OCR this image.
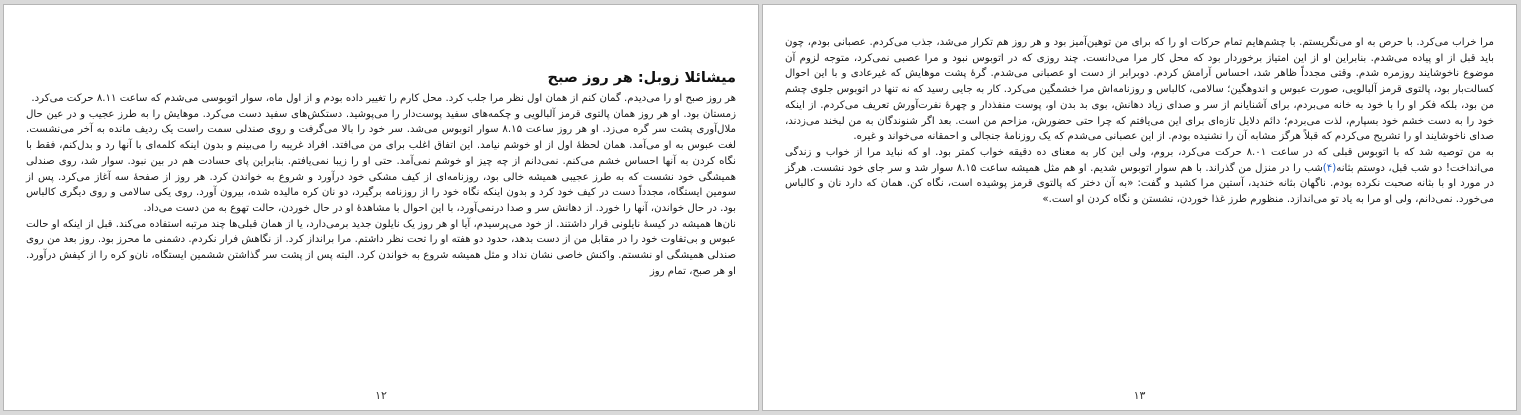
میشائلا زوبل: هر روز صبح

هر روز صبح او را می‌دیدم. گمان کنم از همان اول نظر مرا جلب کرد. محل کارم را تغییر داده بودم و از اول ماه، سوار اتوبوسی می‌شدم که ساعت ۸.۱۱ حرکت می‌کرد.

زمستان بود. او هر روز همان پالتوی قرمز آلبالویی و چکمه‌های سفید پوست‌دار را می‌پوشید. دستکش‌های سفید دست می‌کرد. موهایش را به طرز عجیب و در عین حال ملال‌آوری پشت سر گره می‌زد. او هر روز ساعت ۸.۱۵ سوار اتوبوس می‌شد. سر خود را بالا می‌گرفت و روی صندلی سمت راست یک ردیف مانده به آخر می‌نشست. لغت عبوس به او می‌آمد. همان لحظهٔ اول از او خوشم نیامد. این اتفاق اغلب برای من می‌افتد. افراد غریبه را می‌بینم و بدون اینکه کلمه‌ای با آنها رد و بدل‌کنم، فقط با نگاه کردن به آنها احساس خشم می‌کنم. نمی‌دانم از چه چیز او خوشم نمی‌آمد. حتی او را زیبا نمی‌یافتم. بنابراین پای حسادت هم در بین نبود. سوار شد، روی صندلی همیشگی خود نشست که به طرز عجیبی همیشه خالی بود، روزنامه‌ای از کیف مشکی خود درآورد و شروع به خواندن کرد. هر روز از صفحهٔ سه آغاز می‌کرد. پس از سومین ایستگاه، مجدداً دست در کیف خود کرد و بدون اینکه نگاه خود را از روزنامه برگیرد، دو نان کره مالیده شده، بیرون آورد. روی یکی سالامی و روی دیگری کالباس بود. در حال خواندن، آنها را خورد. از دهانش سر و صدا درنمی‌آورد، با این احوال با مشاهدهٔ او در حال خوردن، حالت تهوع به من دست می‌داد.

نان‌ها همیشه در کیسهٔ نایلونی قرار داشتند. از خود می‌پرسیدم، آیا او هر روز یک نایلون جدید برمی‌دارد، یا از همان قبلی‌ها چند مرتبه استفاده می‌کند. قبل از اینکه او حالت عبوس و بی‌تفاوت خود را در مقابل من از دست بدهد، حدود دو هفته او را تحت نظر داشتم. مرا برانداز کرد. از نگاهش فرار نکردم. دشمنی ما محرز بود. روز بعد من روی صندلی همیشگی او نشستم. واکنش خاصی نشان نداد و مثل همیشه شروع به خواندن کرد. البته پس از پشت سر گذاشتن ششمین ایستگاه، نان‌و کره را از کیفش درآورد. او هر صبح، تمام روز

۱۲

مرا خراب می‌کرد. با حرص به او می‌نگریستم. با چشم‌هایم تمام حرکات او را که برای من توهین‌آمیز بود و هر روز هم تکرار می‌شد، جذب می‌کردم. عصبانی بودم، چون باید قبل از او پیاده می‌شدم. بنابراین او از این امتیاز برخوردار بود که محل کار مرا می‌دانست. چند روزی که در اتوبوس نبود و مرا عصبی نمی‌کرد، متوجه لزوم آن موضوع ناخوشایند روزمره شدم. وقتی مجدداً ظاهر شد، احساس آرامش کردم. دوبرابر از دست او عصبانی می‌شدم. گرهٔ پشت موهایش که غیرعادی و با این احوال کسالت‌بار بود، پالتوی قرمز آلبالویی، صورت عبوس و اندوهگین؛ سالامی، کالباس و روزنامه‌اش مرا خشمگین می‌کرد. کار به جایی رسید که نه تنها در اتوبوس جلوی چشم من بود، بلکه فکر او را با خود به خانه می‌بردم، برای آشنایانم از سر و صدای زیاد دهانش، بوی بد بدن او، پوست منفذدار و چهرهٔ نفرت‌آورش تعریف می‌کردم. از اینکه خود را به دست خشم خود بسپارم، لذت می‌بردم؛ دائم دلایل تازه‌ای برای این می‌یافتم که چرا حتی حضورش، مزاحم من است. بعد اگر شنوندگان به من لبخند می‌زدند، صدای ناخوشایند او را تشریح می‌کردم که قبلاً هرگز مشابه آن را نشنیده بودم. از این عصبانی می‌شدم که یک روزنامهٔ جنجالی و احمقانه می‌خواند و غیره.

به من توصیه شد که با اتوبوس قبلی که در ساعت ۸.۰۱ حرکت می‌کرد، بروم، ولی این کار به معنای ده دقیقه خواب کمتر بود. او که نباید مرا از خواب و زندگی می‌انداخت! دو شب قبل، دوستم بثانه(۴)شب را در منزل من گذراند. با هم سوار اتوبوس شدیم. او هم مثل همیشه ساعت ۸.۱۵ سوار شد و سر جای خود نشست. هرگز در مورد او با بثانه صحبت نکرده بودم. ناگهان بثانه خندید، آستین مرا کشید و گفت: «به آن دختر که پالتوی قرمز پوشیده است، نگاه کن. همان که دارد نان و کالباس می‌خورد. نمی‌دانم، ولی او مرا به یاد تو می‌اندازد. منظورم طرز غذا خوردن، نشستن و نگاه کردن او است.»

۱۳
